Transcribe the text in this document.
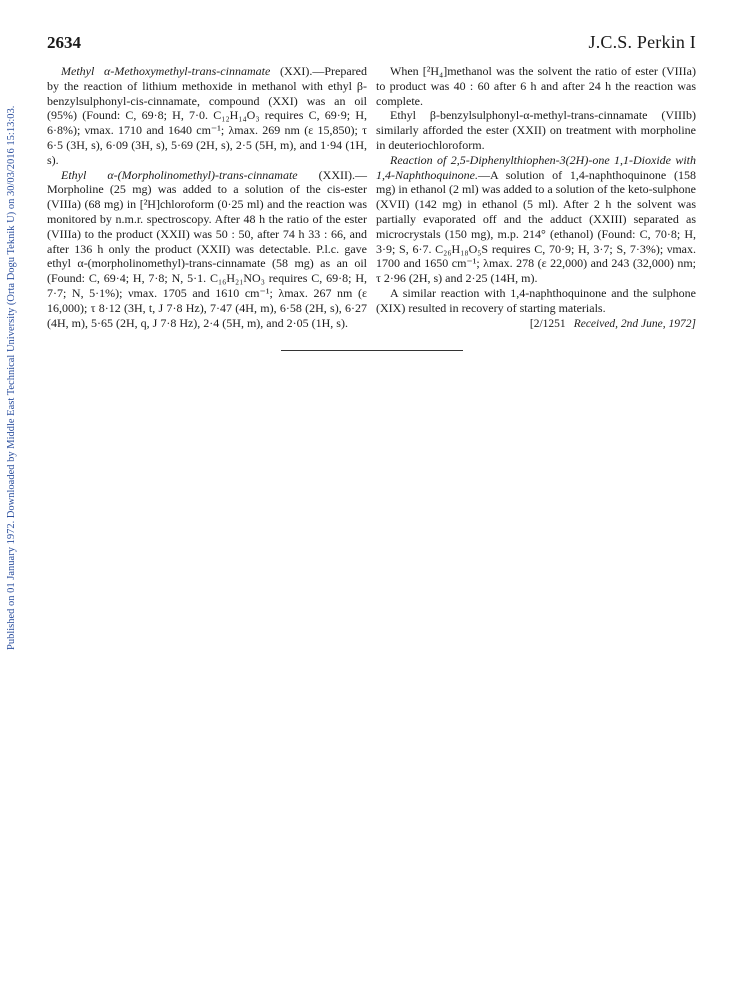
2634	J.C.S. Perkin I
Published on 01 January 1972. Downloaded by Middle East Technical University (Orta Dogu Teknik U) on 30/03/2016 15:13:03.

Methyl α-Methoxymethyl-trans-cinnamate (XXI).—Prepared by the reaction of lithium methoxide in methanol with ethyl β-benzylsulphonyl-cis-cinnamate, compound (XXI) was an oil (95%) (Found: C, 69·8; H, 7·0. C₁₂H₁₄O₃ requires C, 69·9; H, 6·8%); νmax. 1710 and 1640 cm⁻¹; λmax. 269 nm (ε 15,850); τ 6·5 (3H, s), 6·09 (3H, s), 5·69 (2H, s), 2·5 (5H, m), and 1·94 (1H, s).

Ethyl α-(Morpholinomethyl)-trans-cinnamate (XXII).—Morpholine (25 mg) was added to a solution of the cis-ester (VIIIa) (68 mg) in [²H]chloroform (0·25 ml) and the reaction was monitored by n.m.r. spectroscopy. After 48 h the ratio of the ester (VIIIa) to the product (XXII) was 50 : 50, after 74 h 33 : 66, and after 136 h only the product (XXII) was detectable. P.l.c. gave ethyl α-(morpholinomethyl)-trans-cinnamate (58 mg) as an oil (Found: C, 69·4; H, 7·8; N, 5·1. C₁₆H₂₁NO₃ requires C, 69·8; H, 7·7; N, 5·1%); νmax. 1705 and 1610 cm⁻¹; λmax. 267 nm (ε 16,000); τ 8·12 (3H, t, J 7·8 Hz), 7·47 (4H, m), 6·58 (2H, s), 6·27 (4H, m), 5·65 (2H, q, J 7·8 Hz), 2·4 (5H, m), and 2·05 (1H, s).

When [²H₄]methanol was the solvent the ratio of ester (VIIIa) to product was 40 : 60 after 6 h and after 24 h the reaction was complete.

Ethyl β-benzylsulphonyl-α-methyl-trans-cinnamate (VIIIb) similarly afforded the ester (XXII) on treatment with morpholine in deuteriochloroform.

Reaction of 2,5-Diphenylthiophen-3(2H)-one 1,1-Dioxide with 1,4-Naphthoquinone.—A solution of 1,4-naphthoquinone (158 mg) in ethanol (2 ml) was added to a solution of the keto-sulphone (XVII) (142 mg) in ethanol (5 ml). After 2 h the solvent was partially evaporated off and the adduct (XXIII) separated as microcrystals (150 mg), m.p. 214° (ethanol) (Found: C, 70·8; H, 3·9; S, 6·7. C₂₆H₁₈O₅S requires C, 70·9; H, 3·7; S, 7·3%); νmax. 1700 and 1650 cm⁻¹; λmax. 278 (ε 22,000) and 243 (32,000) nm; τ 2·96 (2H, s) and 2·25 (14H, m).

A similar reaction with 1,4-naphthoquinone and the sulphone (XIX) resulted in recovery of starting materials.

[2/1251 Received, 2nd June, 1972]
